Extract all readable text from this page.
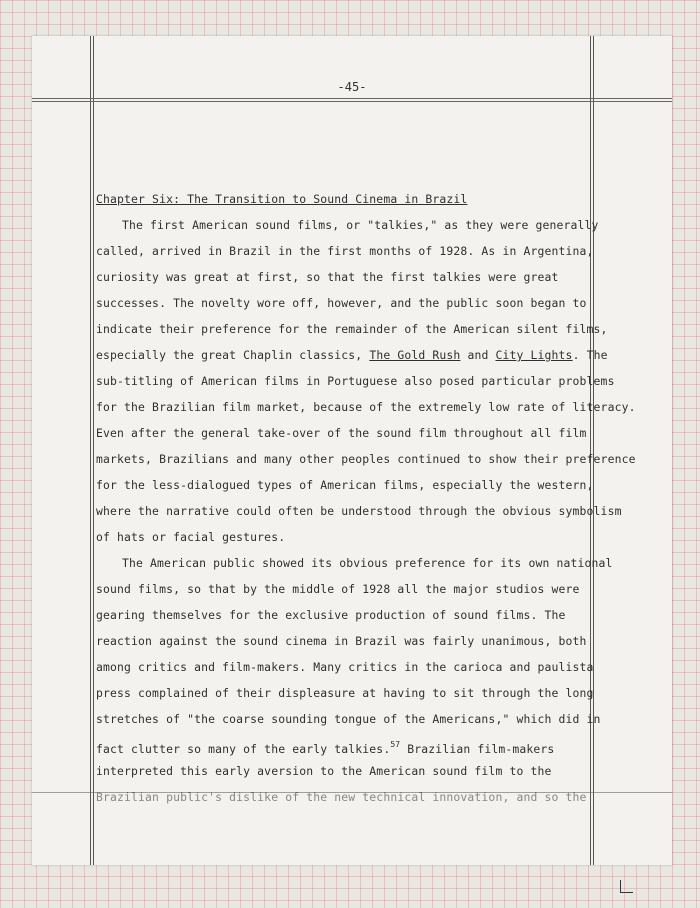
-45-
Chapter Six: The Transition to Sound Cinema in Brazil
The first American sound films, or "talkies," as they were generally
called, arrived in Brazil in the first months of 1928. As in Argentina,
curiosity was great at first, so that the first talkies were great
successes. The novelty wore off, however, and the public soon began to
indicate their preference for the remainder of the American silent films,
especially the great Chaplin classics, The Gold Rush and City Lights. The
sub-titling of American films in Portuguese also posed particular problems
for the Brazilian film market, because of the extremely low rate of literacy.
Even after the general take-over of the sound film throughout all film
markets, Brazilians and many other peoples continued to show their preference
for the less-dialogued types of American films, especially the western,
where the narrative could often be understood through the obvious symbolism
of hats or facial gestures.
The American public showed its obvious preference for its own national
sound films, so that by the middle of 1928 all the major studios were
gearing themselves for the exclusive production of sound films. The
reaction against the sound cinema in Brazil was fairly unanimous, both
among critics and film-makers. Many critics in the carioca and paulista
press complained of their displeasure at having to sit through the long
stretches of "the coarse sounding tongue of the Americans," which did in
fact clutter so many of the early talkies.$^{57}$ Brazilian film-makers
interpreted this early aversion to the American sound film to the
Brazilian public's dislike of the new technical innovation, and so the
